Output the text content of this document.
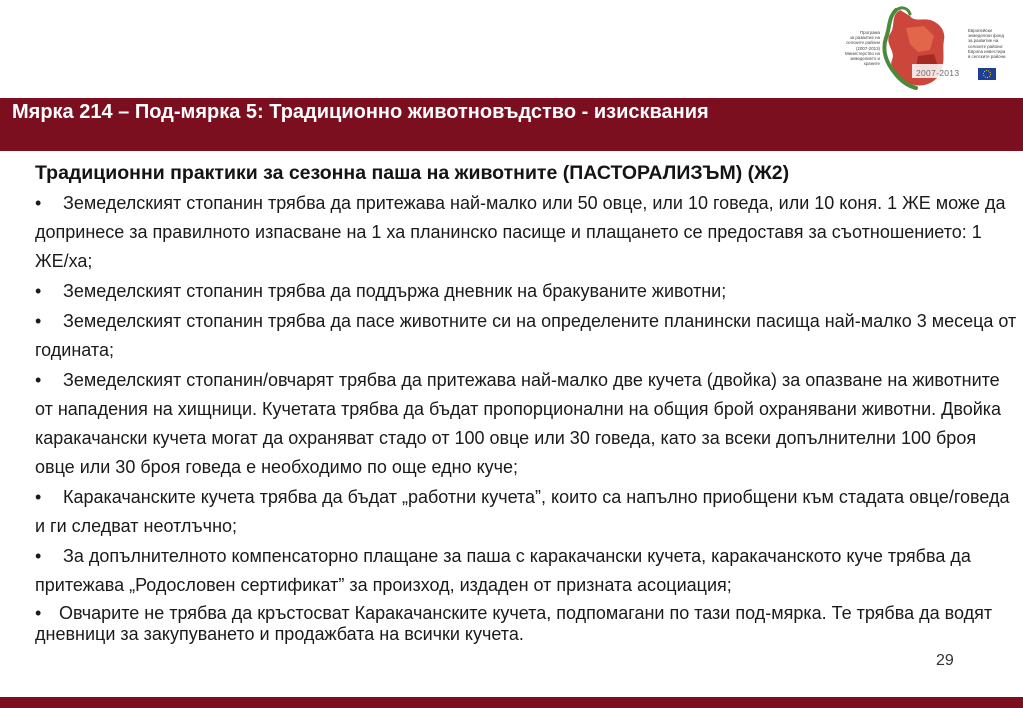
Програма
за развитие на
селските райони
(2007-2013)
Министерство на
земеделието и
храните
2007-2013
Европейски
земеделски фонд
за развитие на
селските райони:
Европа инвестира
в селските райони
Мярка 214 – Под-мярка 5: Традиционно животновъдство - изисквания
Традиционни практики за сезонна паша на животните (ПАСТОРАЛИЗЪМ) (Ж2)
• Земеделският стопанин трябва да притежава най-малко или 50 овце, или 10 говеда, или 10 коня. 1 ЖЕ може да допринесе за правилното изпасване на 1 ха планинско пасище и плащането се предоставя за съотношението: 1 ЖЕ/ха;
• Земеделският стопанин трябва да поддържа дневник на бракуваните животни;
• Земеделският стопанин трябва да пасе животните си на определените планински пасища най-малко 3 месеца от годината;
• Земеделският стопанин/овчарят трябва да притежава най-малко две кучета (двойка) за опазване на животните от нападения на хищници. Кучетата трябва да бъдат пропорционални на общия брой охранявани животни. Двойка каракачански кучета могат да охраняват стадо от 100 овце или 30 говеда, като за всеки допълнителни 100 броя овце или 30 броя говеда е необходимо по още едно куче;
• Каракачанските кучета трябва да бъдат „работни кучета”, които са напълно приобщени към стадата овце/говеда и ги следват неотлъчно;
• За допълнителното компенсаторно плащане за паша с каракачански кучета, каракачанското куче трябва да притежава „Родословен сертификат” за произход, издаден от призната асоциация;
• Овчарите не трябва да кръстосват Каракачанските кучета, подпомагани по тази под-мярка. Те трябва да водят дневници за закупуването и продажбата на всички кучета.
29
